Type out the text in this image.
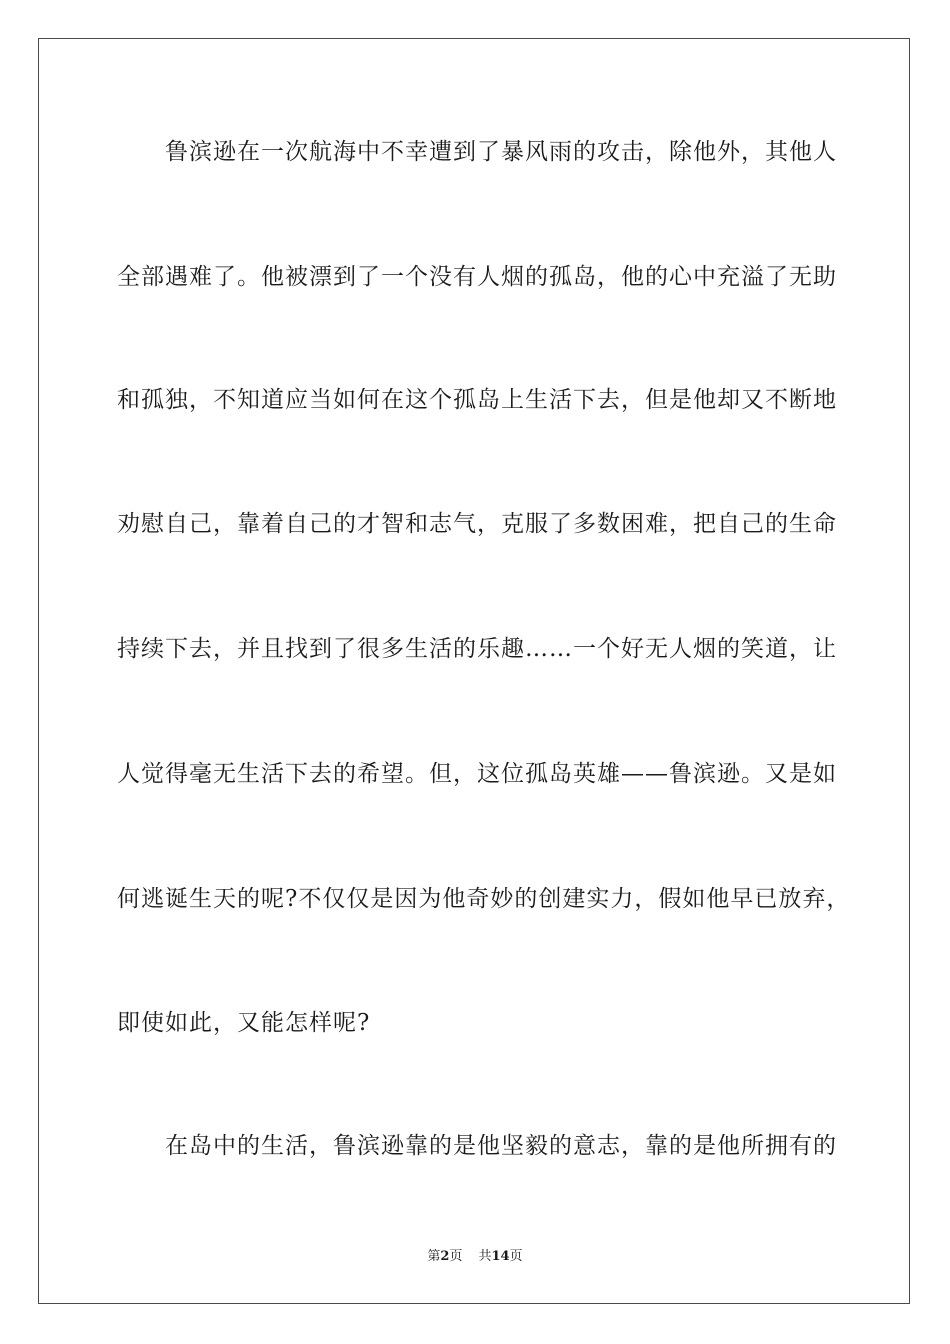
鲁滨逊在一次航海中不幸遭到了暴风雨的攻击，除他外，其他人
全部遇难了。他被漂到了一个没有人烟的孤岛，他的心中充溢了无助
和孤独，不知道应当如何在这个孤岛上生活下去，但是他却又不断地
劝慰自己，靠着自己的才智和志气，克服了多数困难，把自己的生命
持续下去，并且找到了很多生活的乐趣……一个好无人烟的笑道，让
人觉得毫无生活下去的希望。但，这位孤岛英雄——鲁滨逊。又是如
何逃诞生天的呢?不仅仅是因为他奇妙的创建实力，假如他早已放弃，
即使如此，又能怎样呢?
在岛中的生活，鲁滨逊靠的是他坚毅的意志，靠的是他所拥有的
第2页 共14页
